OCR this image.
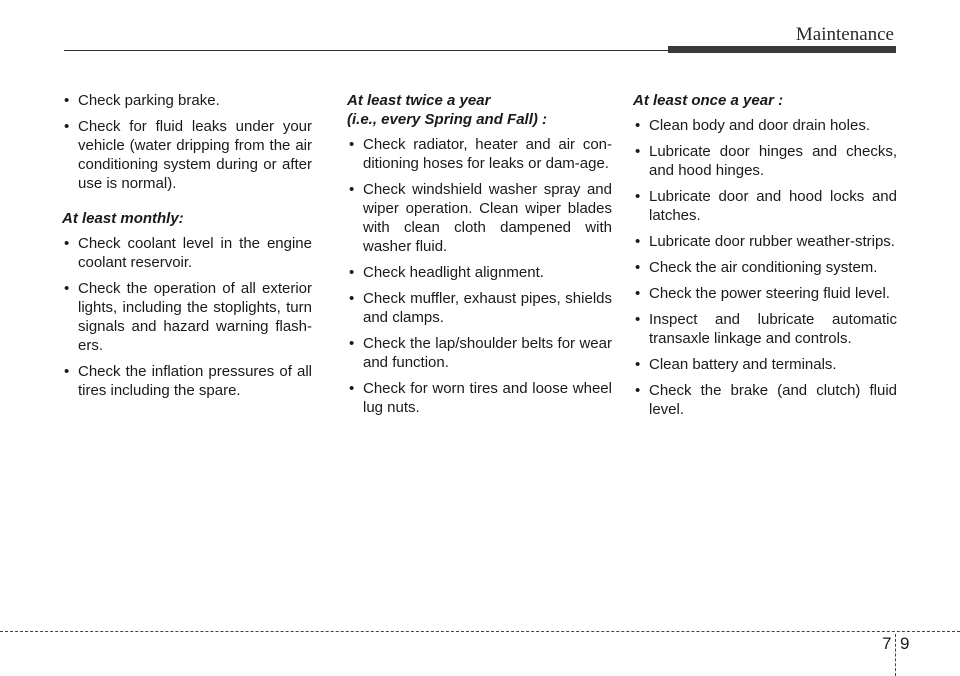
Maintenance
• Check parking brake.
• Check for fluid leaks under your vehicle (water dripping from the air conditioning system during or after use is normal).
At least monthly:
• Check coolant level in the engine coolant reservoir.
• Check the operation of all exterior lights, including the stoplights, turn signals and hazard warning flash-ers.
• Check the inflation pressures of all tires including the spare.
At least twice a year
(i.e., every Spring and Fall) :
• Check radiator, heater and air con-ditioning hoses for leaks or dam-age.
• Check windshield washer spray and wiper operation. Clean wiper blades with clean cloth dampened with washer fluid.
• Check headlight alignment.
• Check muffler, exhaust pipes, shields and clamps.
• Check the lap/shoulder belts for wear and function.
• Check for worn tires and loose wheel lug nuts.
At least once a year :
• Clean body and door drain holes.
• Lubricate door hinges and checks, and hood hinges.
• Lubricate door and hood locks and latches.
• Lubricate door rubber weather-strips.
• Check the air conditioning system.
• Check the power steering fluid level.
• Inspect and lubricate automatic transaxle linkage and controls.
• Clean battery and terminals.
• Check the brake (and clutch) fluid level.
7 9
